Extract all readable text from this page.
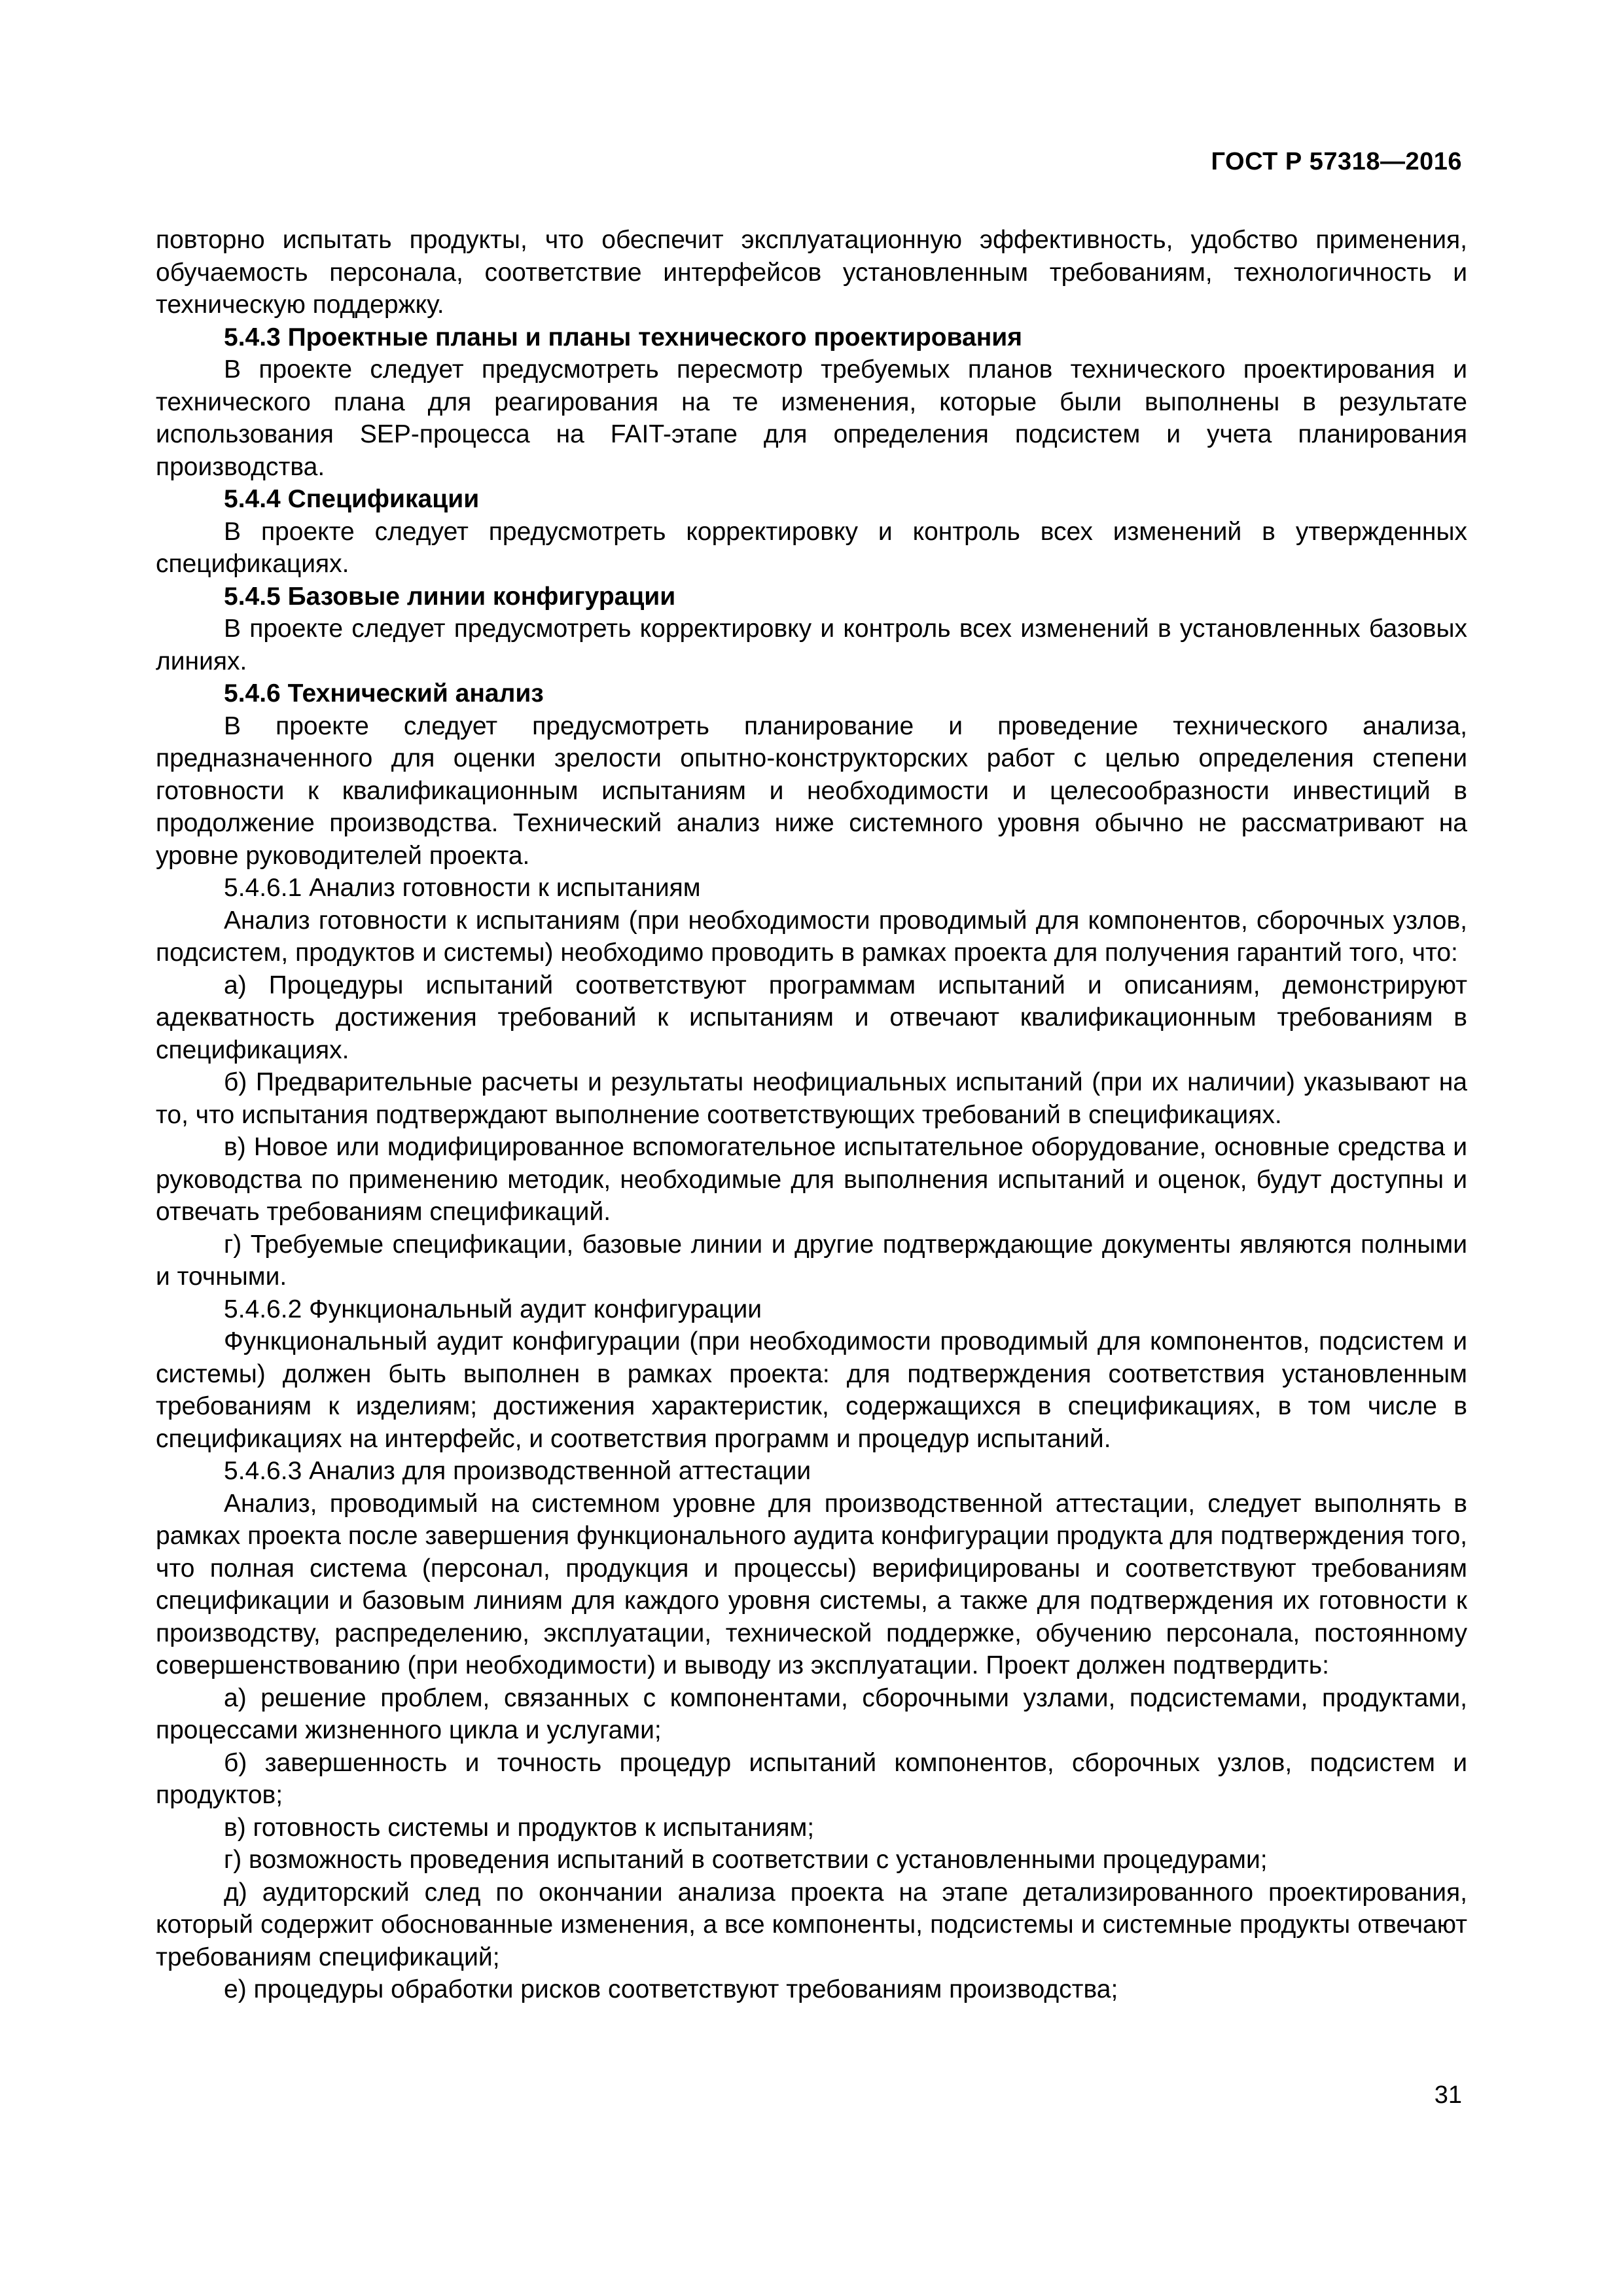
ГОСТ Р 57318—2016

повторно испытать продукты, что обеспечит эксплуатационную эффективность, удобство применения, обучаемость персонала, соответствие интерфейсов установленным требованиям, технологичность и техническую поддержку.

5.4.3 Проектные планы и планы технического проектирования

В проекте следует предусмотреть пересмотр требуемых планов технического проектирования и технического плана для реагирования на те изменения, которые были выполнены в результате использования SEP-процесса на FAIT-этапе для определения подсистем и учета планирования производства.

5.4.4 Спецификации

В проекте следует предусмотреть корректировку и контроль всех изменений в утвержденных спецификациях.

5.4.5 Базовые линии конфигурации

В проекте следует предусмотреть корректировку и контроль всех изменений в установленных базовых линиях.

5.4.6 Технический анализ

В проекте следует предусмотреть планирование и проведение технического анализа, предназначенного для оценки зрелости опытно-конструкторских работ с целью определения степени готовности к квалификационным испытаниям и необходимости и целесообразности инвестиций в продолжение производства. Технический анализ ниже системного уровня обычно не рассматривают на уровне руководителей проекта.

5.4.6.1 Анализ готовности к испытаниям

Анализ готовности к испытаниям (при необходимости проводимый для компонентов, сборочных узлов, подсистем, продуктов и системы) необходимо проводить в рамках проекта для получения гарантий того, что:

а) Процедуры испытаний соответствуют программам испытаний и описаниям, демонстрируют адекватность достижения требований к испытаниям и отвечают квалификационным требованиям в спецификациях.

б) Предварительные расчеты и результаты неофициальных испытаний (при их наличии) указывают на то, что испытания подтверждают выполнение соответствующих требований в спецификациях.

в) Новое или модифицированное вспомогательное испытательное оборудование, основные средства и руководства по применению методик, необходимые для выполнения испытаний и оценок, будут доступны и отвечать требованиям спецификаций.

г) Требуемые спецификации, базовые линии и другие подтверждающие документы являются полными и точными.

5.4.6.2 Функциональный аудит конфигурации

Функциональный аудит конфигурации (при необходимости проводимый для компонентов, подсистем и системы) должен быть выполнен в рамках проекта: для подтверждения соответствия установленным требованиям к изделиям; достижения характеристик, содержащихся в спецификациях, в том числе в спецификациях на интерфейс, и соответствия программ и процедур испытаний.

5.4.6.3 Анализ для производственной аттестации

Анализ, проводимый на системном уровне для производственной аттестации, следует выполнять в рамках проекта после завершения функционального аудита конфигурации продукта для подтверждения того, что полная система (персонал, продукция и процессы) верифицированы и соответствуют требованиям спецификации и базовым линиям для каждого уровня системы, а также для подтверждения их готовности к производству, распределению, эксплуатации, технической поддержке, обучению персонала, постоянному совершенствованию (при необходимости) и выводу из эксплуатации. Проект должен подтвердить:

а) решение проблем, связанных с компонентами, сборочными узлами, подсистемами, продуктами, процессами жизненного цикла и услугами;

б) завершенность и точность процедур испытаний компонентов, сборочных узлов, подсистем и продуктов;

в) готовность системы и продуктов к испытаниям;

г) возможность проведения испытаний в соответствии с установленными процедурами;

д) аудиторский след по окончании анализа проекта на этапе детализированного проектирования, который содержит обоснованные изменения, а все компоненты, подсистемы и системные продукты отвечают требованиям спецификаций;

е) процедуры обработки рисков соответствуют требованиям производства;

31
